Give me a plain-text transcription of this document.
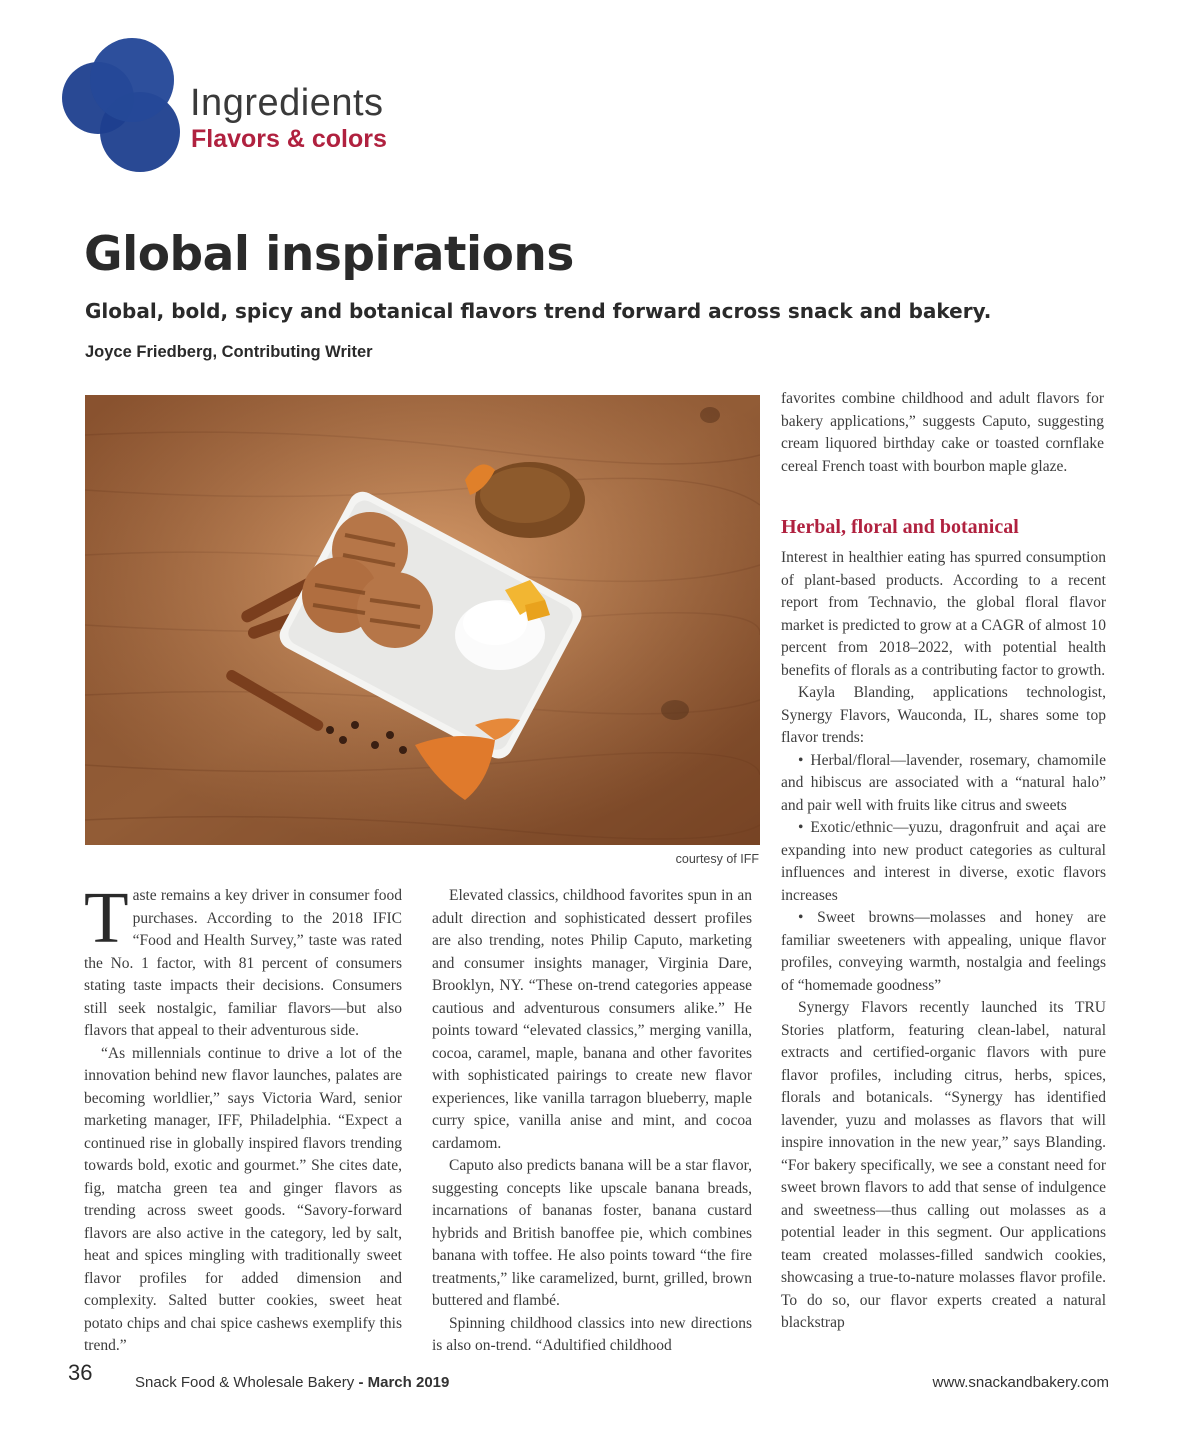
Ingredients
Flavors & colors
Global inspirations

Global, bold, spicy and botanical flavors trend forward across snack and bakery.

Joyce Friedberg, Contributing Writer
courtesy of IFF

Taste remains a key driver in consumer food purchases. According to the 2018 IFIC “Food and Health Survey,” taste was rated the No. 1 factor, with 81 percent of consumers stating taste impacts their decisions. Consumers still seek nostalgic, familiar flavors—but also flavors that appeal to their adventurous side.

“As millennials continue to drive a lot of the innovation behind new flavor launches, palates are becoming worldlier,” says Victoria Ward, senior marketing manager, IFF, Philadelphia. “Expect a continued rise in globally inspired flavors trending towards bold, exotic and gourmet.” She cites date, fig, matcha green tea and ginger flavors as trending across sweet goods. “Savory-forward flavors are also active in the category, led by salt, heat and spices mingling with traditionally sweet flavor profiles for added dimension and complexity. Salted butter cookies, sweet heat potato chips and chai spice cashews exemplify this trend.”

Elevated classics, childhood favorites spun in an adult direction and sophisticated dessert profiles are also trending, notes Philip Caputo, marketing and consumer insights manager, Virginia Dare, Brooklyn, NY. “These on-trend categories appease cautious and adventurous consumers alike.” He points toward “elevated classics,” merging vanilla, cocoa, caramel, maple, banana and other favorites with sophisticated pairings to create new flavor experiences, like vanilla tarragon blueberry, maple curry spice, vanilla anise and mint, and cocoa cardamom.

Caputo also predicts banana will be a star flavor, suggesting concepts like upscale banana breads, incarnations of bananas foster, banana custard hybrids and British banoffee pie, which combines banana with toffee. He also points toward “the fire treatments,” like caramelized, burnt, grilled, brown buttered and flambé.

Spinning childhood classics into new directions is also on-trend. “Adultified childhood

favorites combine childhood and adult flavors for bakery applications,” suggests Caputo, suggesting cream liquored birthday cake or toasted cornflake cereal French toast with bourbon maple glaze.

Herbal, floral and botanical

Interest in healthier eating has spurred consumption of plant-based products. According to a recent report from Technavio, the global floral flavor market is predicted to grow at a CAGR of almost 10 percent from 2018–2022, with potential health benefits of florals as a contributing factor to growth.

Kayla Blanding, applications technologist, Synergy Flavors, Wauconda, IL, shares some top flavor trends:

• Herbal/floral—lavender, rosemary, chamomile and hibiscus are associated with a “natural halo” and pair well with fruits like citrus and sweets

• Exotic/ethnic—yuzu, dragonfruit and açai are expanding into new product categories as cultural influences and interest in diverse, exotic flavors increases

• Sweet browns—molasses and honey are familiar sweeteners with appealing, unique flavor profiles, conveying warmth, nostalgia and feelings of “homemade goodness”

Synergy Flavors recently launched its TRU Stories platform, featuring clean-label, natural extracts and certified-organic flavors with pure flavor profiles, including citrus, herbs, spices, florals and botanicals. “Synergy has identified lavender, yuzu and molasses as flavors that will inspire innovation in the new year,” says Blanding. “For bakery specifically, we see a constant need for sweet brown flavors to add that sense of indulgence and sweetness—thus calling out molasses as a potential leader in this segment. Our applications team created molasses-filled sandwich cookies, showcasing a true-to-nature molasses flavor profile. To do so, our flavor experts created a natural blackstrap

36	Snack Food & Wholesale Bakery - March 2019	www.snackandbakery.com
